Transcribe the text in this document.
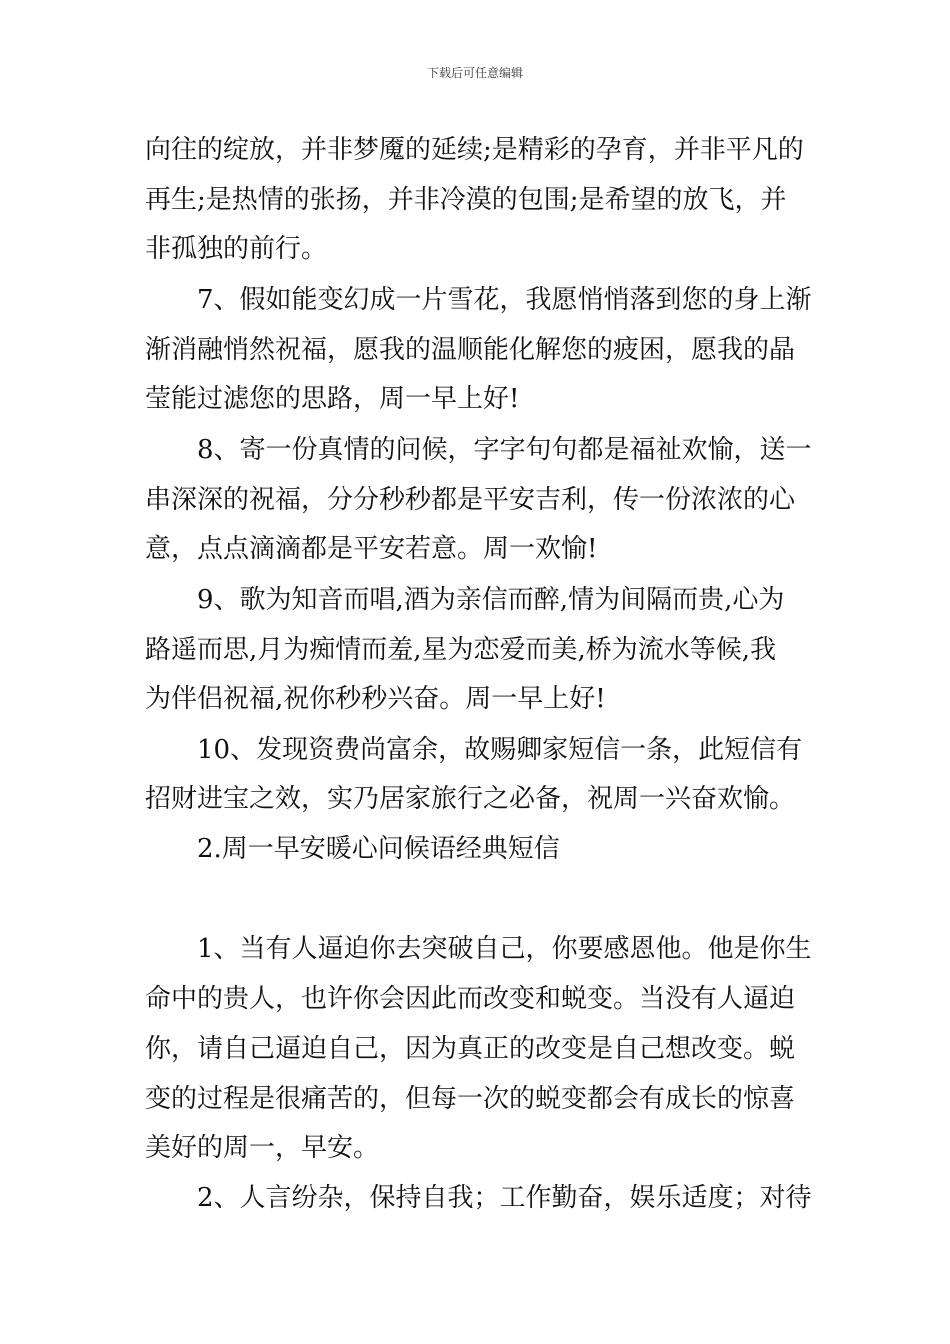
下载后可任意编辑
向往的绽放，并非梦魇的延续;是精彩的孕育，并非平凡的
再生;是热情的张扬，并非冷漠的包围;是希望的放飞，并
非孤独的前行。
7、假如能变幻成一片雪花，我愿悄悄落到您的身上渐
渐消融悄然祝福，愿我的温顺能化解您的疲困，愿我的晶
莹能过滤您的思路，周一早上好!
8、寄一份真情的问候，字字句句都是福祉欢愉，送一
串深深的祝福，分分秒秒都是平安吉利，传一份浓浓的心
意，点点滴滴都是平安若意。周一欢愉!
9、歌为知音而唱,酒为亲信而醉,情为间隔而贵,心为
路遥而思,月为痴情而羞,星为恋爱而美,桥为流水等候,我
为伴侣祝福,祝你秒秒兴奋。周一早上好!
10、发现资费尚富余，故赐卿家短信一条，此短信有
招财进宝之效，实乃居家旅行之必备，祝周一兴奋欢愉。
2.周一早安暖心问候语经典短信
1、当有人逼迫你去突破自己，你要感恩他。他是你生
命中的贵人，也许你会因此而改变和蜕变。当没有人逼迫
你，请自己逼迫自己，因为真正的改变是自己想改变。蜕
变的过程是很痛苦的，但每一次的蜕变都会有成长的惊喜
美好的周一，早安。
2、人言纷杂，保持自我；工作勤奋，娱乐适度；对待
